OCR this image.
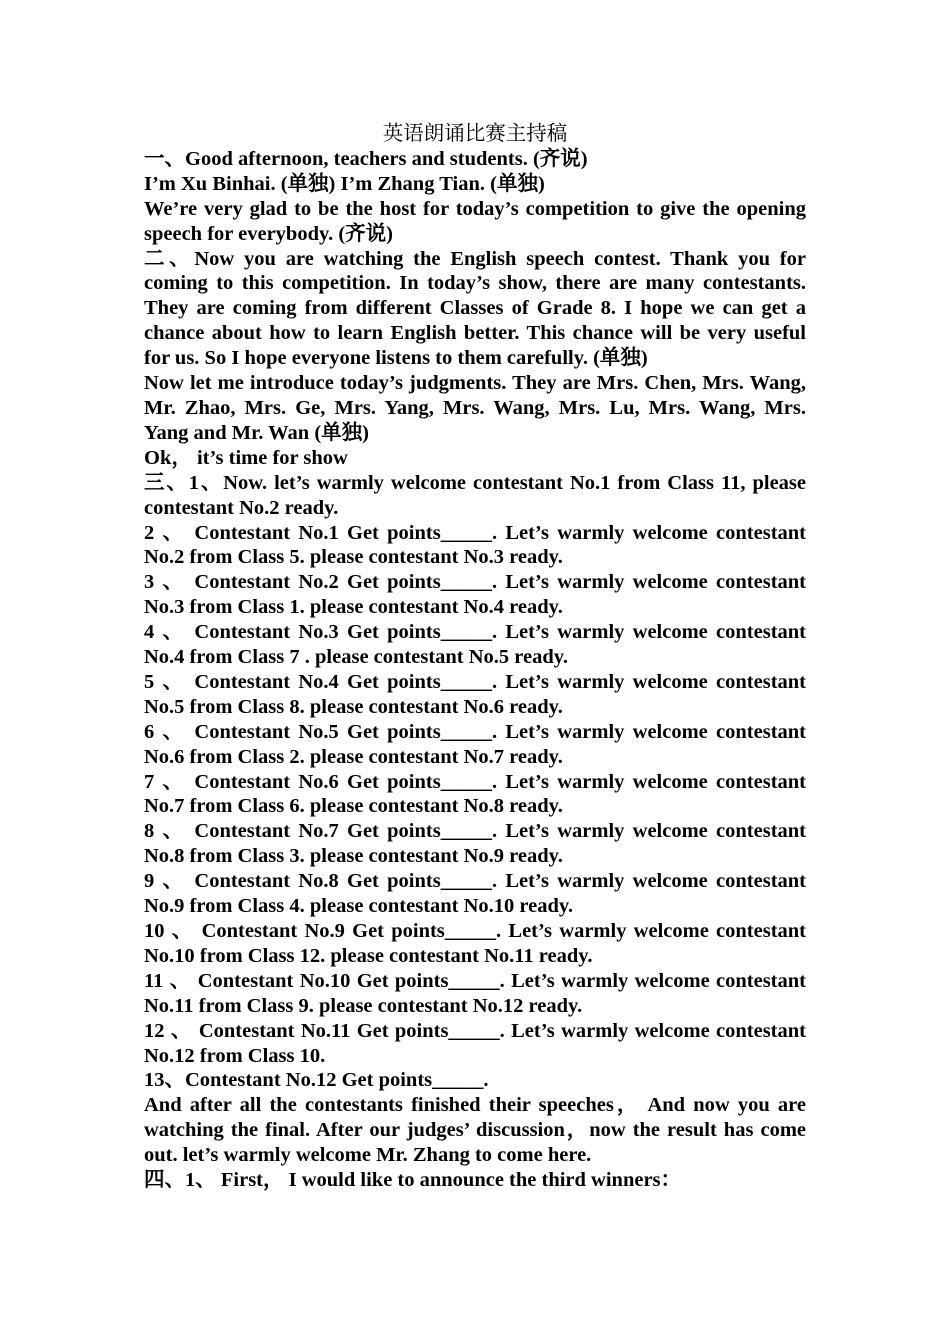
英语朗诵比赛主持稿

一、Good afternoon, teachers and students. (齐说)

I’m Xu Binhai. (单独) I’m Zhang Tian. (单独)

We’re very glad to be the host for today’s competition to give the opening speech for everybody. (齐说)

二、Now you are watching the English speech contest. Thank you for coming to this competition. In today’s show, there are many contestants. They are coming from different Classes of Grade 8. I hope we can get a chance about how to learn English better. This chance will be very useful for us. So I hope everyone listens to them carefully. (单独)

Now let me introduce today’s judgments. They are Mrs. Chen, Mrs. Wang, Mr. Zhao, Mrs. Ge, Mrs. Yang, Mrs. Wang, Mrs. Lu, Mrs. Wang, Mrs. Yang and Mr. Wan (单独)

Ok， it’s time for show

三、1、Now. let’s warmly welcome contestant No.1 from Class 11, please contestant No.2 ready.

2 、 Contestant No.1 Get points_____. Let’s warmly welcome contestant No.2 from Class 5. please contestant No.3 ready.

3 、 Contestant No.2 Get points_____. Let’s warmly welcome contestant No.3 from Class 1. please contestant No.4 ready.

4 、 Contestant No.3 Get points_____. Let’s warmly welcome contestant No.4 from Class 7 . please contestant No.5 ready.

5 、 Contestant No.4 Get points_____. Let’s warmly welcome contestant No.5 from Class 8. please contestant No.6 ready.

6 、 Contestant No.5 Get points_____. Let’s warmly welcome contestant No.6 from Class 2. please contestant No.7 ready.

7 、 Contestant No.6 Get points_____. Let’s warmly welcome contestant No.7 from Class 6. please contestant No.8 ready.

8 、 Contestant No.7 Get points_____. Let’s warmly welcome contestant No.8 from Class 3. please contestant No.9 ready.

9 、 Contestant No.8 Get points_____. Let’s warmly welcome contestant No.9 from Class 4. please contestant No.10 ready.

10 、 Contestant No.9 Get points_____. Let’s warmly welcome contestant No.10 from Class 12. please contestant No.11 ready.

11 、 Contestant No.10 Get points_____. Let’s warmly welcome contestant No.11 from Class 9. please contestant No.12 ready.

12 、 Contestant No.11 Get points_____. Let’s warmly welcome contestant No.12 from Class 10.

13、Contestant No.12 Get points_____.

And after all the contestants finished their speeches， And now you are watching the final. After our judges’ discussion，now the result has come out. let’s warmly welcome Mr. Zhang to come here.

四、1、 First， I would like to announce the third winners：
